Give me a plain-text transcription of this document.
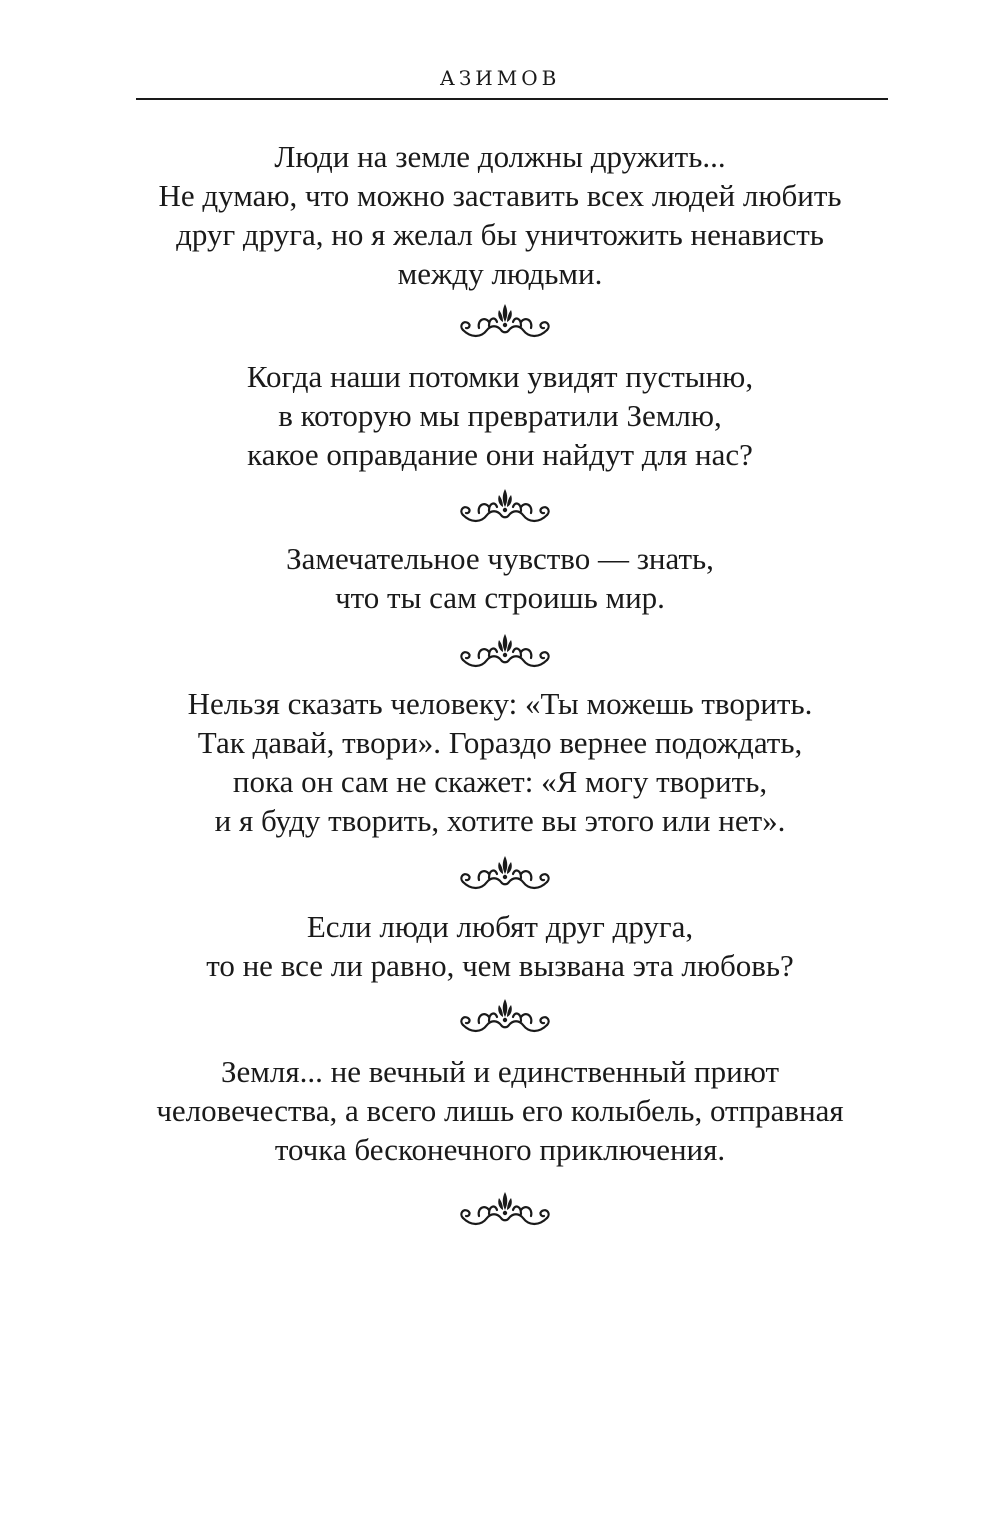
АЗИМОВ
Люди на земле должны дружить...
Не думаю, что можно заставить всех людей любить
друг друга, но я желал бы уничтожить ненависть
между людьми.
Когда наши потомки увидят пустыню,
в которую мы превратили Землю,
какое оправдание они найдут для нас?
Замечательное чувство — знать,
что ты сам строишь мир.
Нельзя сказать человеку: «Ты можешь творить.
Так давай, твори». Гораздо вернее подождать,
пока он сам не скажет: «Я могу творить,
и я буду творить, хотите вы этого или нет».
Если люди любят друг друга,
то не все ли равно, чем вызвана эта любовь?
Земля... не вечный и единственный приют
человечества, а всего лишь его колыбель, отправная
точка бесконечного приключения.
